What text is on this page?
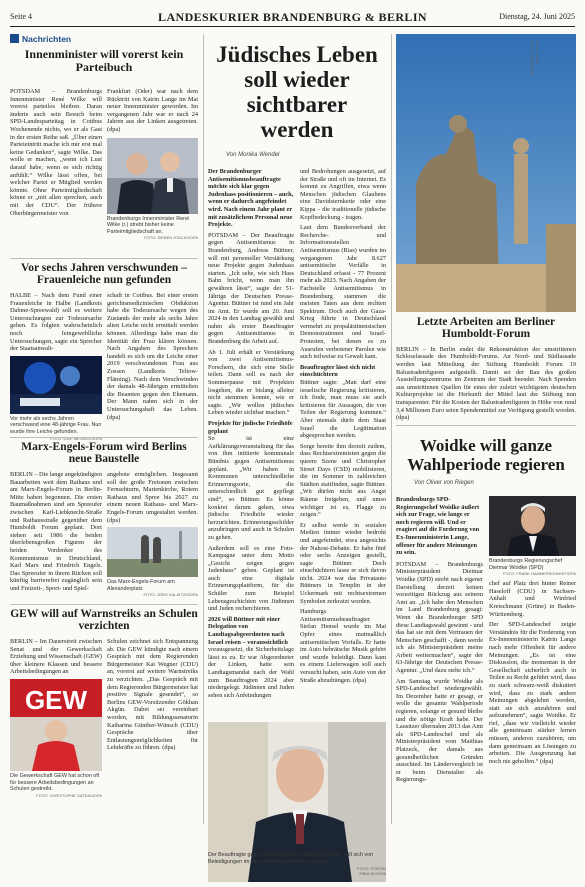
Seite 4	LANDESKURIER BRANDENBURG & BERLIN	Dienstag, 24. Juni 2025
Nachrichten
Innenminister will vorerst kein Parteibuch

POTSDAM – Brandenburgs Innenminister René Wilke will vorerst parteilos bleiben. Daran änderte auch sein Besuch beim SPD-Landesparteitag in Cottbus Wochenende nichts, wo er als Gast in der ersten Reihe saß. „Über einen Parteieintritt mache ich mir erst mal keine Gedanken“, sagte Wilke. Das wolle er machen, „wenn ich Lust darauf habe, wenn es sich richtig anfühlt.“ Wilke lässt offen, bei welcher Partei er Mitglied werden könnte. Ohne Parteimitgliedschaft könne er „mit allen sprechen, auch mit der CDU“. Der frühere Oberbürgermeister von

Frankfurt (Oder) war nach dem Rücktritt von Katrin Lange im Mai neuer Innenminister geworden. Im vergangenen Jahr war er nach 24 Jahren aus der Linken ausgetreten. (dpa)

Brandenburgs Innenminister René Wilke (r.) strebt bisher keine Parteimitgliedschaft an.
FOTO: SIEBEN STACKS/DPA
Vor sechs Jahren verschwunden – Frauenleiche nun gefunden

HALBE – Nach dem Fund einer Frauenleiche in Halbe (Landkreis Dahme-Spreewald) soll es weitere Untersuchungen zur Todesursache geben. Es folgten wahrscheinlich noch feingeweblliche Untersuchungen, sagte ein Sprecher der Staatsanwalt-

Vor mehr als sechs Jahren verschwand eine 48-jährige Frau. Nun wurde ihre Leiche gefunden.
FOTO: UWE MESSLER/DPA

schaft in Cottbus. Bei einer ersten gerichtsmedizinischen Obduktion habe die Todesursache wegen des Zustands der mehr als sechs Jahre alten Leiche nicht ermittelt werden können. Allerdings habe man die Identität der Frau klären können. Nach Angaben des Sprechers handelt es sich um die Leiche einer 2019 verschwundenen Frau aus Zossen (Landkreis Teltow-Fläming). Nach dem Verschwinden der damals 48-Jährigen ermittelten die Beamten gegen den Ehemann. Der Mann nahm sich in der Untersuchungshaft das Leben. (dpa)

Marx-Engels-Forum wird Berlins neue Baustelle

BERLIN – Die lange angekündigten Bauarbeiten weit dem Rathaus und am Marx-Engels-Forum in Berlin-Mitte haben begonnen. Die ersten Baumaßnahmen sind am Spreeufer zwischen Karl-Liebknecht-Straße und Rathausstraße gegenüber dem Humboldt Forum geplant. Dort stehen seit 1986 die beiden überlebensgroßen Figuren der beiden Vordenker des Kommunismus in Deutschland, Karl Marx und Friedrich Engels. Das Spreeufer in ihrem Rücken soll künftig barrierefrei zugänglich sein und Freizeit-, Sport- und Spiel-

angebote ermöglichen. Insgesamt soll der große Freiraum zwischen Fernsehturm, Marienkirche, Rotem Rathaus und Spree bis 2027 zu einem neuen Rathaus- und Marx-Engels-Forum umgestaltet werden. (dpa)

Das Marx-Engels-Forum am Alexanderplatz
FOTO: JÖRG KALAITZIS/DPA
GEW will auf Warnstreiks an Schulen verzichten

BERLIN – Im Dauerstreit zwischen Senat und der Gewerkschaft Erziehung und Wissenschaft (GEW) über kleinere Klassen und bessere Arbeitsbedingungen an

GEW
Die Gewerkschaft GEW hat schon oft für bessere Arbeitsbedingungen an Schulen gestreikt.
FOTO: CHRISTOPHE GATEAU/DPA

Schulen zeichnet sich Entspannung ab. Die GEW kündigte nach einem Gespräch mit dem Regierenden Bürgermeister Kai Wegner (CDU) an, vorerst auf weitere Warnstreiks zu verzichten. „Das Gespräch mit dem Regierenden Bürgermeister hat positive Signale gesendet“, so Berlins GEW-Vorsitzender Gökhan Akgün. Dabei sei vereinbart worden, mit Bildungssenatorin Katharina Günther-Wünsch (CDU) Gespräche über Entlastungsmöglichkeiten für Lehrkräfte zu führen. (dpa)

Jüdisches Leben soll wieder sichtbarer werden
Von Monika Wendel

Der Brandenburger Antisemitismusbeauftragte möchte sich klar gegen Judenhass positionieren – auch, wenn er dadurch angefeindet wird. Nach einem Jahr plant er mit zusätzlichem Personal neue Projekte.

POTSDAM – Der Beauftragte gegen Antisemitismus in Brandenburg, Andreas Büttner, will mit personeller Verstärkung neue Projekte gegen Judenhass starten. „Ich sehe, wie sich Hass Bahn bricht, wenn man ihn gewähren lässt“, sagte der 51-Jährige der Deutschen Presse-Agentur. Büttner ist rund ein Jahr im Amt. Er wurde am 20. Juni 2024 in den Landtag gewählt und nahm als erster Beauftragter gegen Antisemitismus in Brandenburg die Arbeit auf.

Ab 1. Juli erhält er Verstärkung von zwei Antisemitismus-Forschern, die sich eine Stelle teilen. Dann soll es nach der Sommerpause mit Projekten losgehen, die er bislang alleine nicht stemmen konnte, wie er sagte. „Wir wollen jüdisches Leben wieder sichtbar machen.“

Projekte für jüdische Friedhöfe geplant

So ist eine Aufklärungsveranstaltung für das von ihm initiierte kommunale Bündnis gegen Antisemitismus geplant. „Wir haben in Kommunen unterschiedliche Erinnerungsorte, die unterschiedlich gut gepflegt sind“, so Büttner. Es könne konkret darum gehen, etwa jüdische Friedhöfe wieder herzurichten. Erinnerungsschilder anzubringen und auch in Schulen zu gehen.

Außerdem soll es eine Foto-Kampagne unter dem Motto „Gesicht zeigen gegen Judenhass“ geben. Geplant ist auch eine digitale Erinnerungsplattform, für die Schüler zum Beispiel Lebensgeschichten von Jüdinnen und Juden recherchieren.

2026 will Büttner mit einer Delegation von Landtagsabgeordneten nach Israel reisen – voraussichtlich

vorausgesetzt, die Sicherheitslage lässt es zu. Er war Abgeordneter der Linken, hatte sein Landtagsmandat nach der Wahl zum Beauftragten 2024 aber niedergelegt. Jüdinnen und Juden sehen sich Anfeindungen

und Bedrohungen ausgesetzt, auf der Straße und oft im Internet. Es kommt zu Angriffen, etwa wenn Menschen jüdischen Glaubens eine Davidsternkette oder eine Kippa - die traditionelle jüdische Kopfbedeckung - tragen.

Laut dem Bundesverband der Recherche- und Informationsstellen Antisemitismus (Rias) wurden im vergangenen Jahr 8.627 antisemitische Vorfälle in Deutschland erfasst - 77 Prozent mehr als 2023. Nach Angaben der Fachstelle Antisemitismus in Brandenburg stammen die meisten Taten aus dem rechten Spektrum. Doch auch der Gaza-Krieg führte in Deutschland vermehrt zu propalästinensischen Demonstrationen und Israel-Protesten, bei denen es zu Ausrufen verbotener Parolen wie auch teilweise zu Gewalt kam.

Beauftragter lässt sich nicht einschüchtern

Büttner sagte: „Man darf eine israelische Regierung kritisieren, ich finde, man muss sie auch kritisieren für Aussagen, die von Teilen der Regierung kommen.“ Aber niemals dürfe dem Staat Israel die Legitimation abgesprochen werden.

Sorge bereite ihm derzeit zudem, dass Rechtsextremisten gegen die queere Szene und Christopher Street Days (CSD) mobilisieren, die im Sommer in zahlreichen Städten stattfinden, sagte Büttner. „Wir dürfen nicht aus Angst Räume freigeben, und umso wichtiger ist es, Flagge zu zeigen.“

Er selbst werde in sozialen Medien immer wieder bedroht und angefeindet, etwa angesichts der Nahost-Debatte. Er habe fünf oder sechs Anzeigen gestellt, sagte Büttner. Doch einschüchtern lasse er sich davon nicht. 2024 war das Privatauto Büttners in Templin in der Uckermark mit rechtsextremen Symbolen zerkratzt worden.

Hamburgs Antisemitismusbeauftragter Stefan Hensel wurde im Mai Opfer eines mutmaßlich antisemitischen Vorfalls. Er hatte im Auto hebräische Musik gehört und wurde beleidigt. Dann kam es einem Lieferwagen soll auch versucht haben, sein Auto von der Straße abzudrängen. (dpa)

Der Beauftragte gegen Antisemitismus, Andreas Büttner, will sich von Beleidigungen im Netz nicht einschüchtern lassen.
FOTO: STEFAN ZIBULSKI/DPA
FOTO: JÖRG CARSTENSEN/DPA
Letzte Arbeiten am Berliner Humboldt-Forum

BERLIN – In Berlin endet die Rekonstruktion der umstrittenen Schlossfassade des Humboldt-Forums. An Nord- und Südfassade werden laut Mitteilung der Stiftung Humboldt Forum 19 Balustradenfiguren aufgestellt. Damit sei der Bau des großen Ausstellungszentrums im Zentrum der Stadt beendet. Nach Spenden aus umstrittenen Quellen für eines der zuletzt wichtigsten deutschen Kulturprojekte ist die Herkunft der Mittel laut der Stiftung nun transparenter. Für die Kosten der Balustradenfiguren in Höhe von rund 3,4 Millionen Euro seien Spendenmittel zur Verfügung gestellt worden. (dpa)

Woidke will ganze Wahlperiode regieren
Von Oliver von Riegen

Brandenburgs SPD-Regierungschef Woidke äußert sich zur Frage, wie lange er noch regieren will. Und er reagiert auf die Forderung von Ex-Innenministerin Lange, offener für andere Meinungen zu sein.

POTSDAM – Brandenburgs Ministerpräsident Dietmar Woidke (SPD) strebt nach eigener Darstellung derzeit keinen vorzeitigen Rückzug aus seinem Amt an. „Ich habe den Menschen im Land Brandenburg gesagt: Wenn die Brandenburger SPD diese Landtagswahl gewinnt - und das hat sie mit dem Vertrauen der Menschen geschafft -, dann werde ich als Ministerpräsident meine Arbeit weitermachen“, sagte der 63-Jährige der Deutschen Presse-Agentur. „Und dazu stehe ich.“

Am Samstag wurde Woidke als SPD-Landeschef wiedergewählt. Im Dezember hatte er gesagt, er wolle die gesamte Wahlperiode regieren, solange er gesund bleibe und die nötige Kraft habe. Der Lausitzer übernahm 2013 das Amt als SPD-Landeschef und als Ministerpräsident vom Matthias Platzeck, der damals aus gesundheitlichen Gründen ausschied. Im Ländervergleich ist er beim Dienstalter als Regierungs-

Brandenburgs Regierungschef Dietmar Woidke (SPD)
FOTO: FRANK HAMMERSCHMIDT/DPA

chef auf Platz drei hinter Reiner Haseloff (CDU) in Sachsen-Anhalt und Winfried Kretschmann (Grüne) in Baden-Württemberg.

Der SPD-Landeschef zeigte Verständnis für die Forderung von Ex-Innenministerin Katrin Lange nach mehr Offenheit für andere Meinungen. „Es ist eine Diskussion, die momentan in der Gesellschaft sicherlich auch in Teilen zu Recht geführt wird, dass zu stark schwarz-weiß diskutiert wird, dass zu stark andere Meinungen abgelehnt werden, statt sie sich anzuhören und aufzunehmen“, sagte Woidke. Er rief, „dass wir vielleicht wieder alle gemeinsam stärker lernen müssen, anderen zuzuhören, um dann gemeinsam an Lösungen zu arbeiten. Die Ausgrenzung hat noch nie geholfen.“ (dpa)
